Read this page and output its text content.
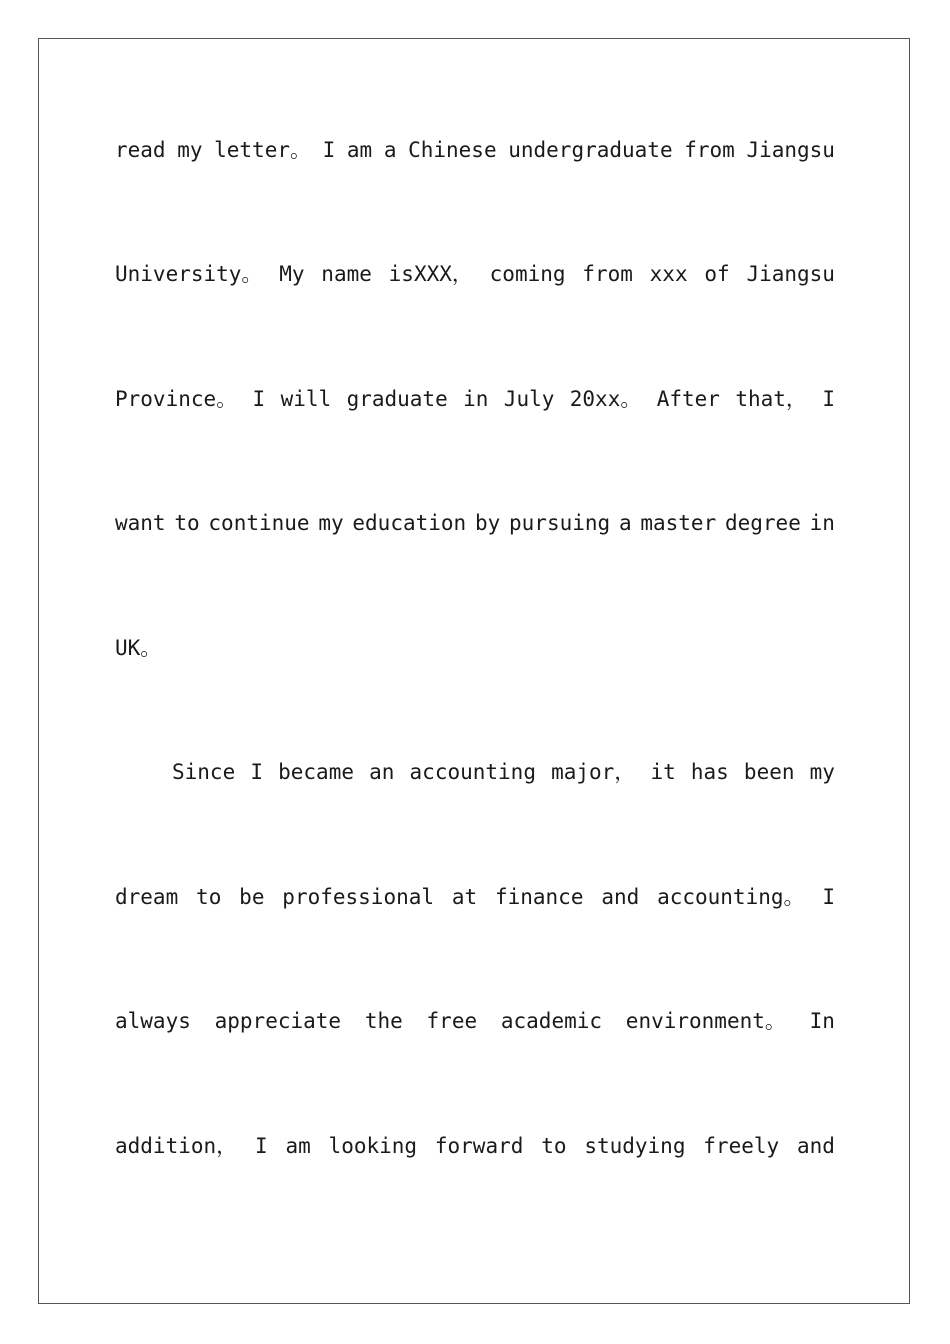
read my letter。 I am a Chinese undergraduate from Jiangsu
University。 My name isXXX， coming from xxx of Jiangsu
Province。 I will graduate in July 20xx。 After that， I
want to continue my education by pursuing a master degree in
UK。
Since I became an accounting major， it has been my
dream to be professional at finance and accounting。 I
always appreciate the free academic environment。 In
addition， I am looking forward to studying freely and
